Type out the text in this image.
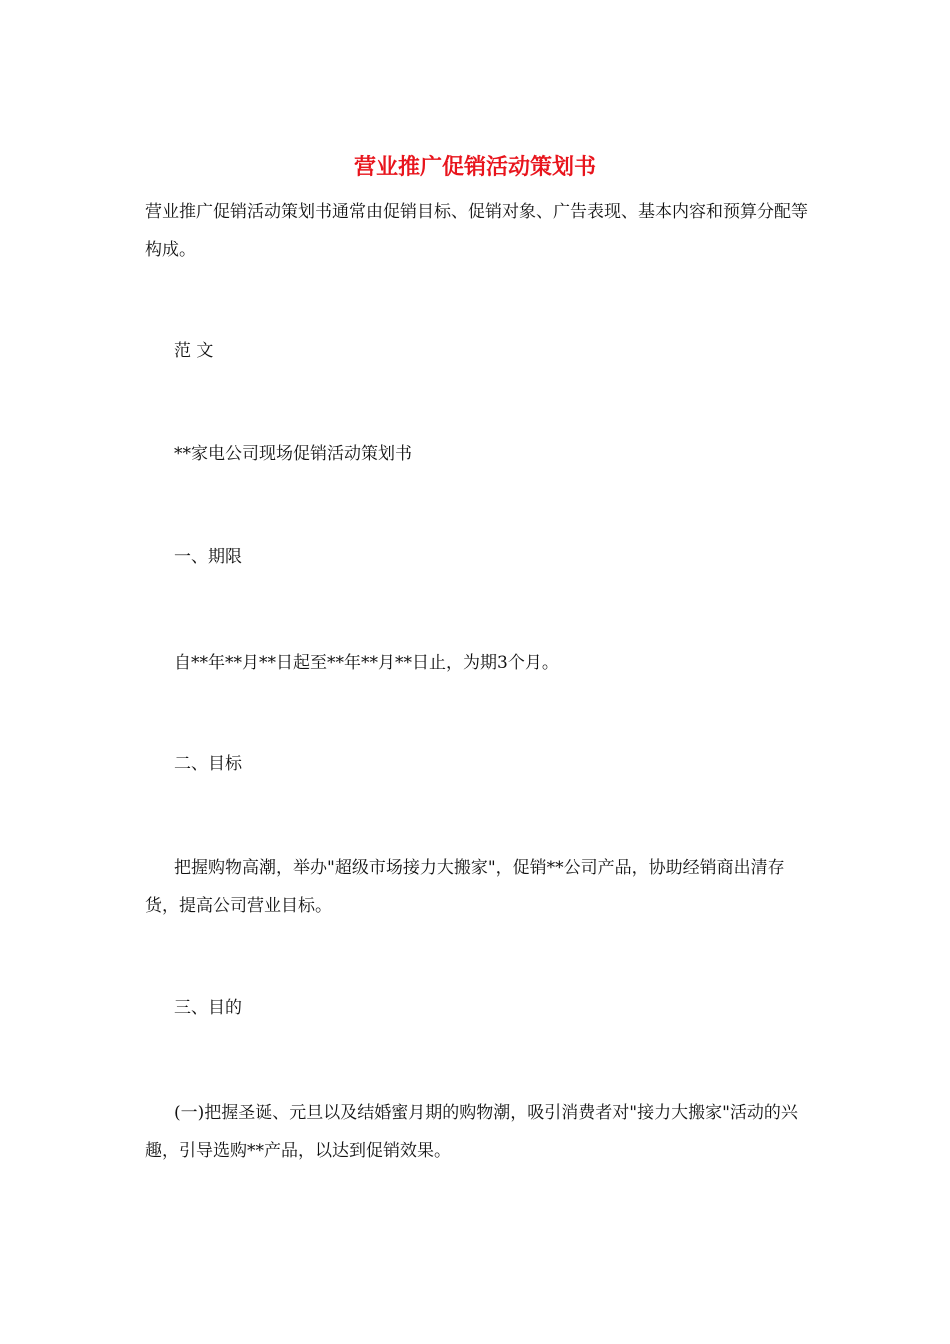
营业推广促销活动策划书

营业推广促销活动策划书通常由促销目标、促销对象、广告表现、基本内容和预算分配等构成。

范 文

**家电公司现场促销活动策划书

一、期限

自**年**月**日起至**年**月**日止，为期3个月。

二、目标

把握购物高潮，举办"超级市场接力大搬家"，促销**公司产品，协助经销商出清存货，提高公司营业目标。

三、目的

(一)把握圣诞、元旦以及结婚蜜月期的购物潮，吸引消费者对"接力大搬家"活动的兴趣，引导选购**产品，以达到促销效果。
